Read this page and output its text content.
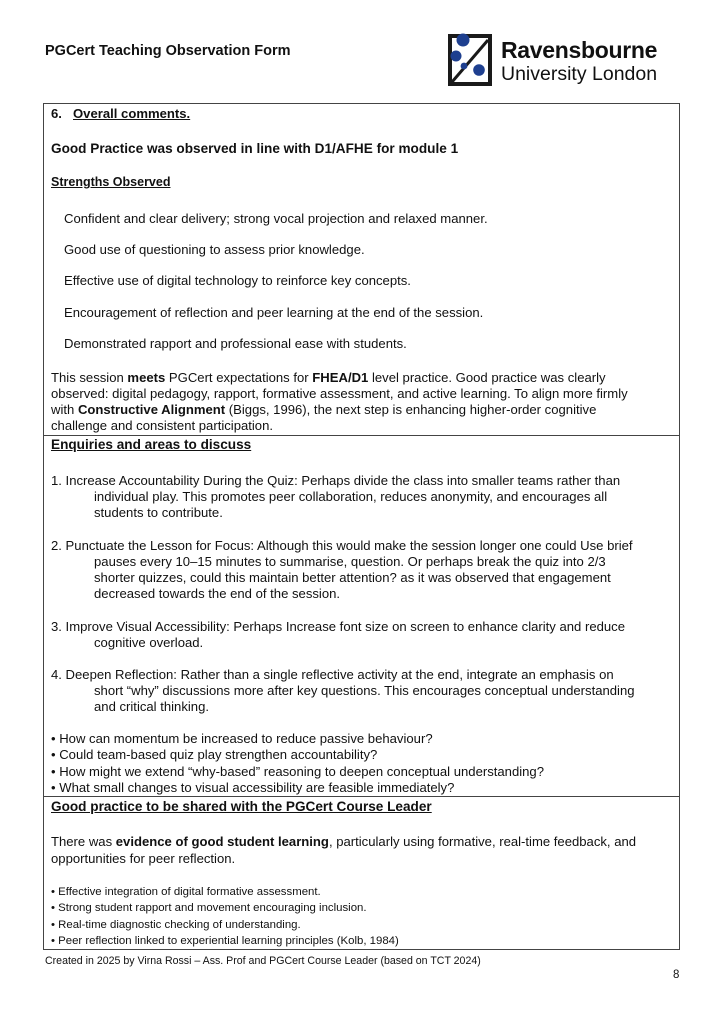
PGCert Teaching Observation Form	Ravensbourne
University London
6. Overall comments.
Good Practice was observed in line with D1/AFHE for module 1
Strengths Observed
Confident and clear delivery; strong vocal projection and relaxed manner.
Good use of questioning to assess prior knowledge.
Effective use of digital technology to reinforce key concepts.
Encouragement of reflection and peer learning at the end of the session.
Demonstrated rapport and professional ease with students.
This session meets PGCert expectations for FHEA/D1 level practice. Good practice was clearly
observed: digital pedagogy, rapport, formative assessment, and active learning. To align more firmly
with Constructive Alignment (Biggs, 1996), the next step is enhancing higher-order cognitive
challenge and consistent participation.
Enquiries and areas to discuss
1. Increase Accountability During the Quiz: Perhaps divide the class into smaller teams rather than
individual play. This promotes peer collaboration, reduces anonymity, and encourages all
students to contribute.
2. Punctuate the Lesson for Focus: Although this would make the session longer one could Use brief
pauses every 10–15 minutes to summarise, question. Or perhaps break the quiz into 2/3
shorter quizzes, could this maintain better attention? as it was observed that engagement
decreased towards the end of the session.
3. Improve Visual Accessibility: Perhaps Increase font size on screen to enhance clarity and reduce
cognitive overload.
4. Deepen Reflection: Rather than a single reflective activity at the end, integrate an emphasis on
short “why” discussions more after key questions. This encourages conceptual understanding
and critical thinking.
• How can momentum be increased to reduce passive behaviour?
• Could team-based quiz play strengthen accountability?
• How might we extend “why-based” reasoning to deepen conceptual understanding?
• What small changes to visual accessibility are feasible immediately?
Good practice to be shared with the PGCert Course Leader
There was evidence of good student learning, particularly using formative, real-time feedback, and
opportunities for peer reflection.
• Effective integration of digital formative assessment.
• Strong student rapport and movement encouraging inclusion.
• Real-time diagnostic checking of understanding.
• Peer reflection linked to experiential learning principles (Kolb, 1984)
Created in 2025 by Virna Rossi – Ass. Prof and PGCert Course Leader (based on TCT 2024)
8
